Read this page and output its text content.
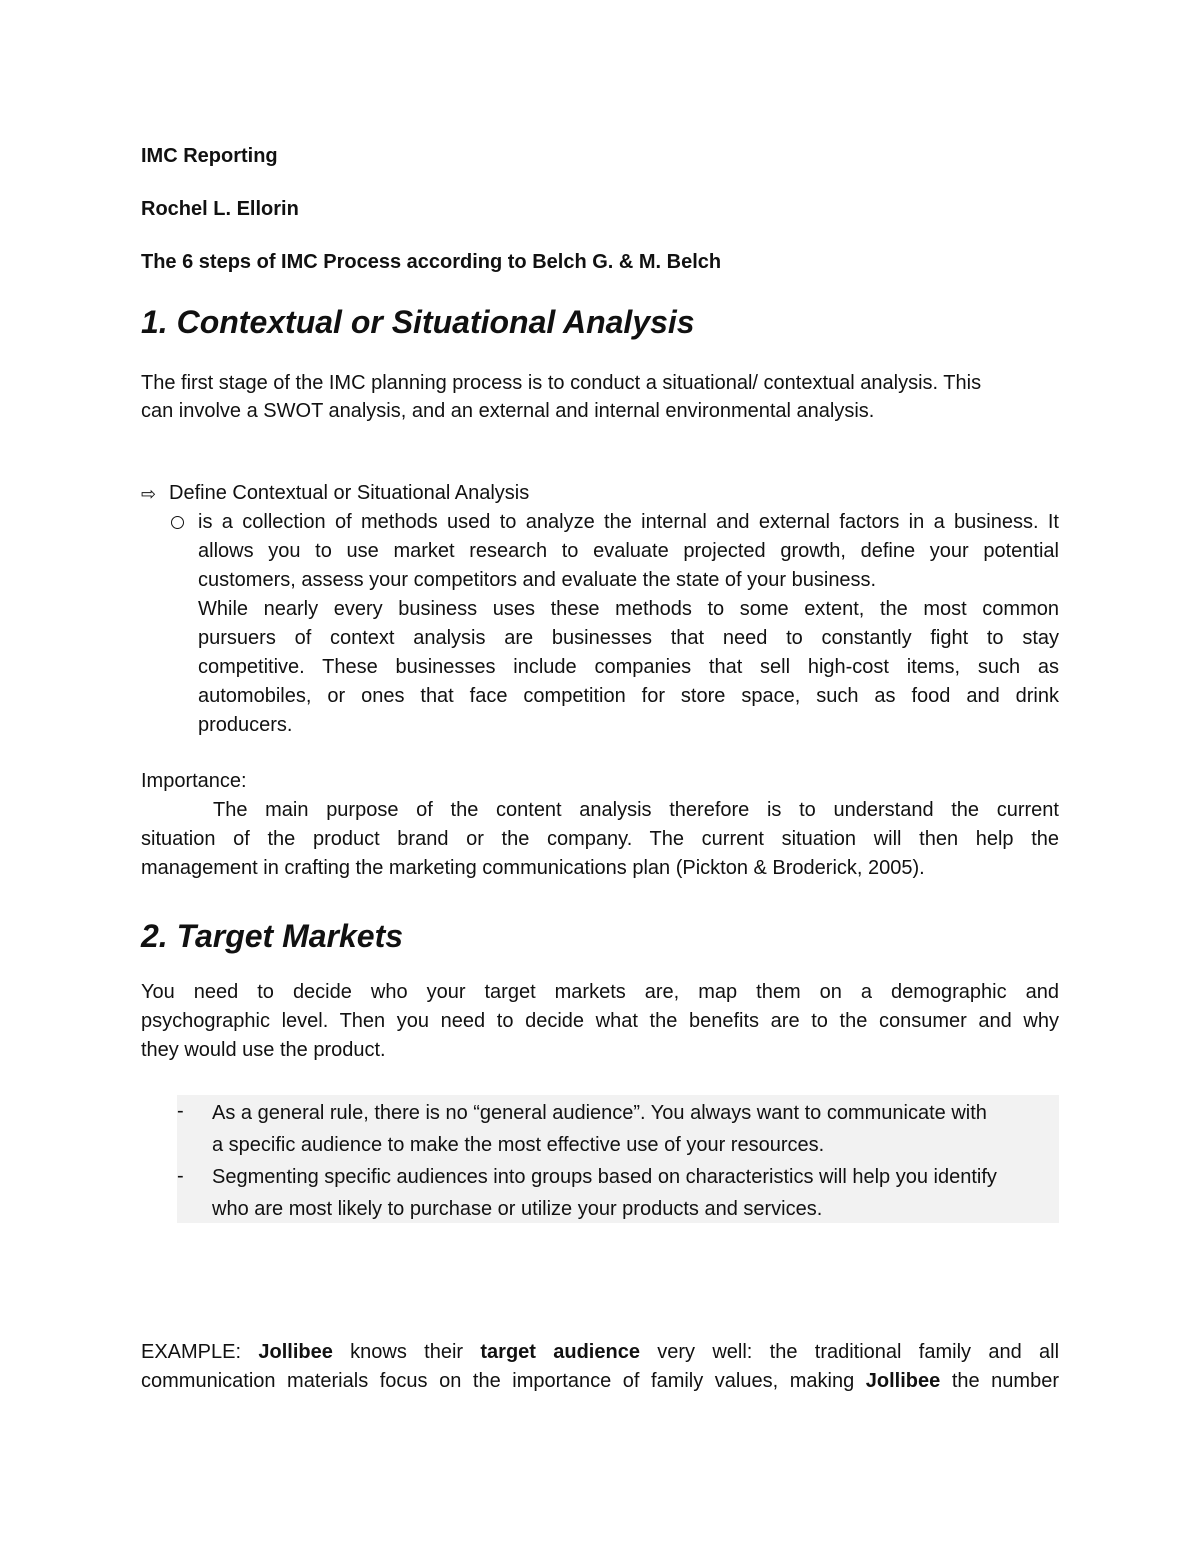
IMC Reporting

Rochel L. Ellorin

The 6 steps of IMC Process according to Belch G. & M. Belch

1. Contextual or Situational Analysis

The first stage of the IMC planning process is to conduct a situational/ contextual analysis. This

can involve a SWOT analysis, and an external and internal environmental analysis.

⇨ Define Contextual or Situational Analysis

is a collection of methods used to analyze the internal and external factors in a business. It
allows you to use market research to evaluate projected growth, define your potential
customers, assess your competitors and evaluate the state of your business.
While nearly every business uses these methods to some extent, the most common
pursuers of context analysis are businesses that need to constantly fight to stay
competitive. These businesses include companies that sell high-cost items, such as
automobiles, or ones that face competition for store space, such as food and drink
producers.

Importance:

The main purpose of the content analysis therefore is to understand the current
situation of the product brand or the company. The current situation will then help the
management in crafting the marketing communications plan (Pickton & Broderick, 2005).
2. Target Markets
You need to decide who your target markets are, map them on a demographic and
psychographic level. Then you need to decide what the benefits are to the consumer and why
they would use the product.
- As a general rule, there is no “general audience”. You always want to communicate with

a specific audience to make the most effective use of your resources.

- Segmenting specific audiences into groups based on characteristics will help you identify

who are most likely to purchase or utilize your products and services.

EXAMPLE: Jollibee knows their target audience very well: the traditional family and all
communication materials focus on the importance of family values, making Jollibee the number
